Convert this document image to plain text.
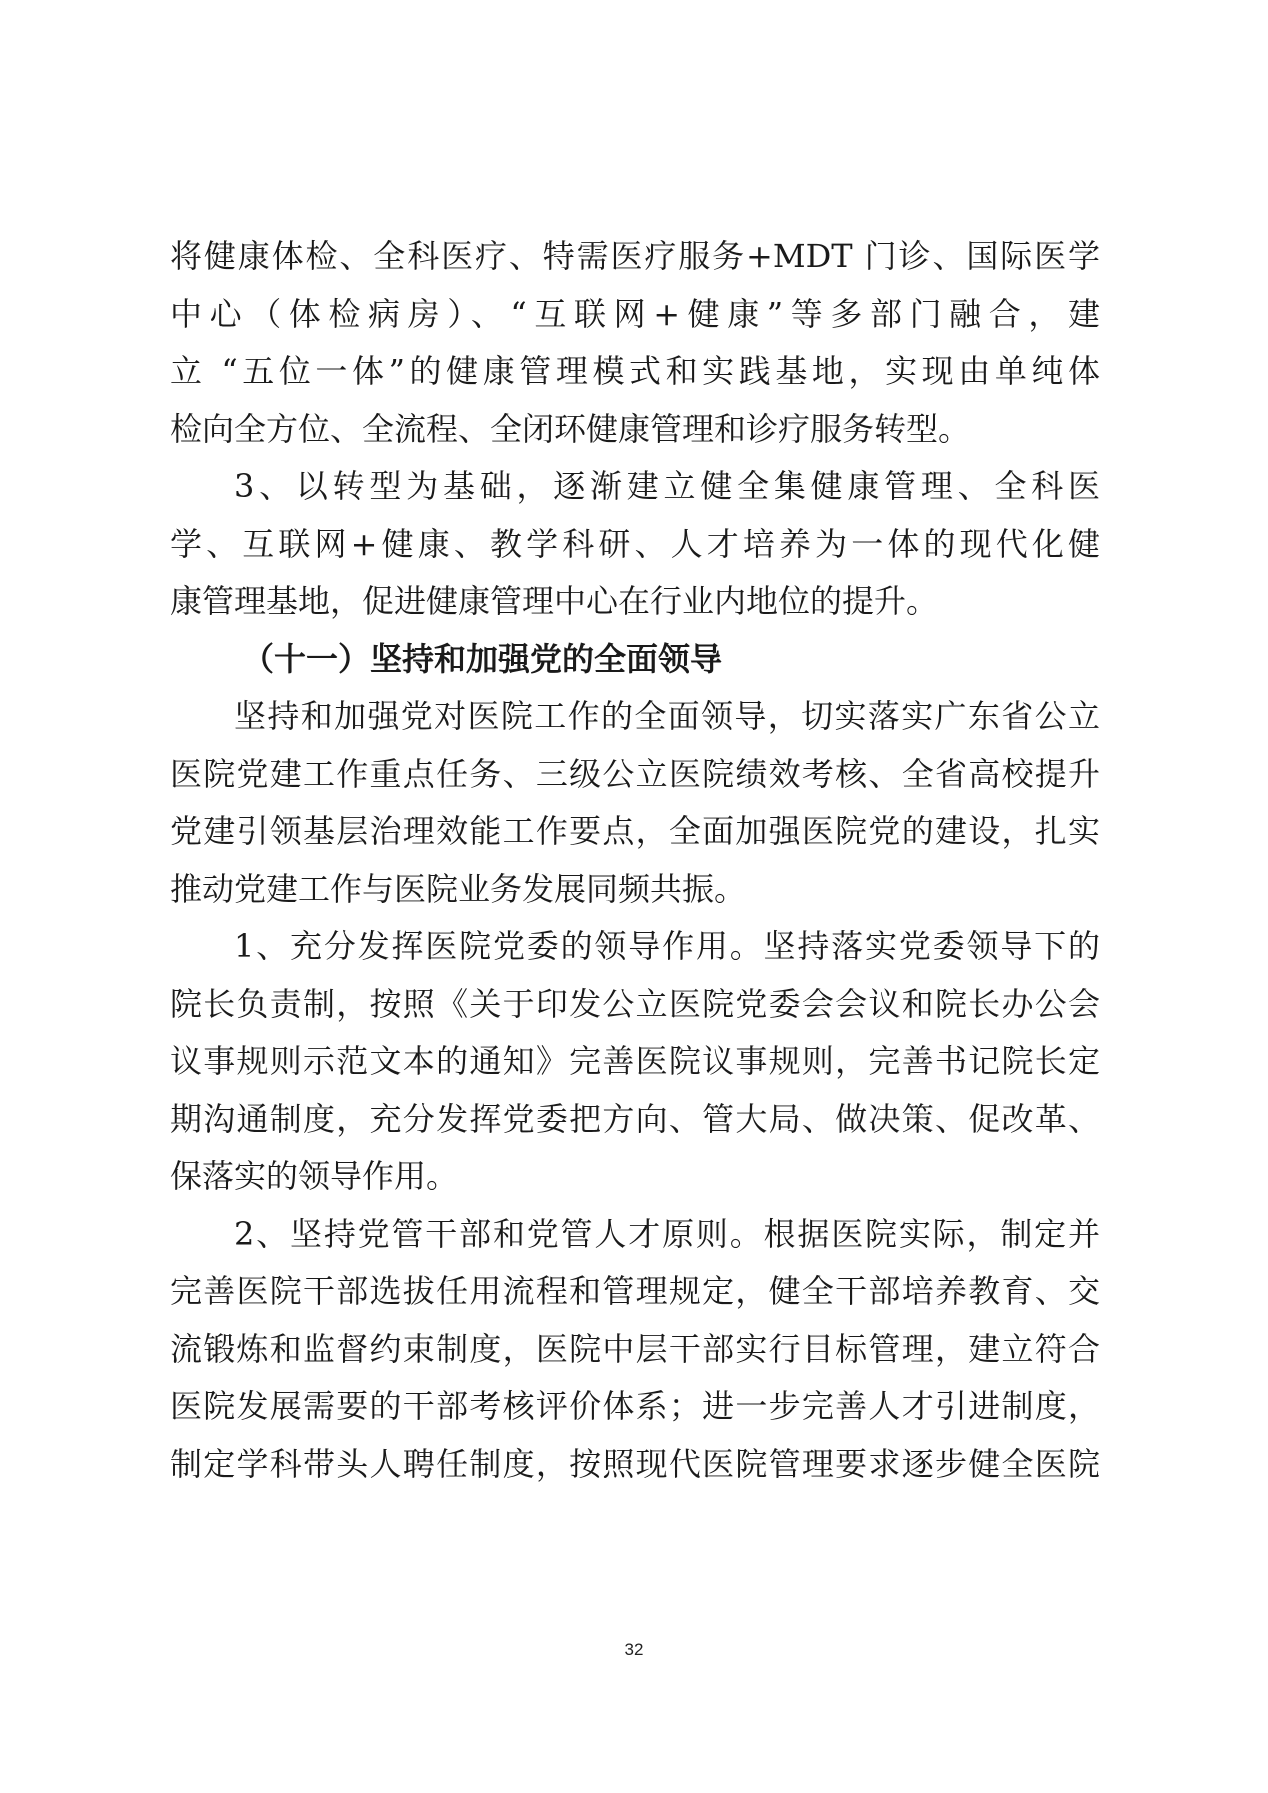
将健康体检、全科医疗、特需医疗服务+MDT 门诊、国际医学
中心（体检病房）、“互联网+健康”等多部门融合，建
立 “五位一体”的健康管理模式和实践基地，实现由单纯体
检向全方位、全流程、全闭环健康管理和诊疗服务转型。
3、以转型为基础，逐渐建立健全集健康管理、全科医
学、互联网+健康、教学科研、人才培养为一体的现代化健
康管理基地，促进健康管理中心在行业内地位的提升。
（十一）坚持和加强党的全面领导
坚持和加强党对医院工作的全面领导，切实落实广东省公立
医院党建工作重点任务、三级公立医院绩效考核、全省高校提升
党建引领基层治理效能工作要点，全面加强医院党的建设，扎实
推动党建工作与医院业务发展同频共振。
1、充分发挥医院党委的领导作用。坚持落实党委领导下的
院长负责制，按照《关于印发公立医院党委会会议和院长办公会
议事规则示范文本的通知》完善医院议事规则，完善书记院长定
期沟通制度，充分发挥党委把方向、管大局、做决策、促改革、
保落实的领导作用。
2、坚持党管干部和党管人才原则。根据医院实际，制定并
完善医院干部选拔任用流程和管理规定，健全干部培养教育、交
流锻炼和监督约束制度，医院中层干部实行目标管理，建立符合
医院发展需要的干部考核评价体系；进一步完善人才引进制度，
制定学科带头人聘任制度，按照现代医院管理要求逐步健全医院
32
